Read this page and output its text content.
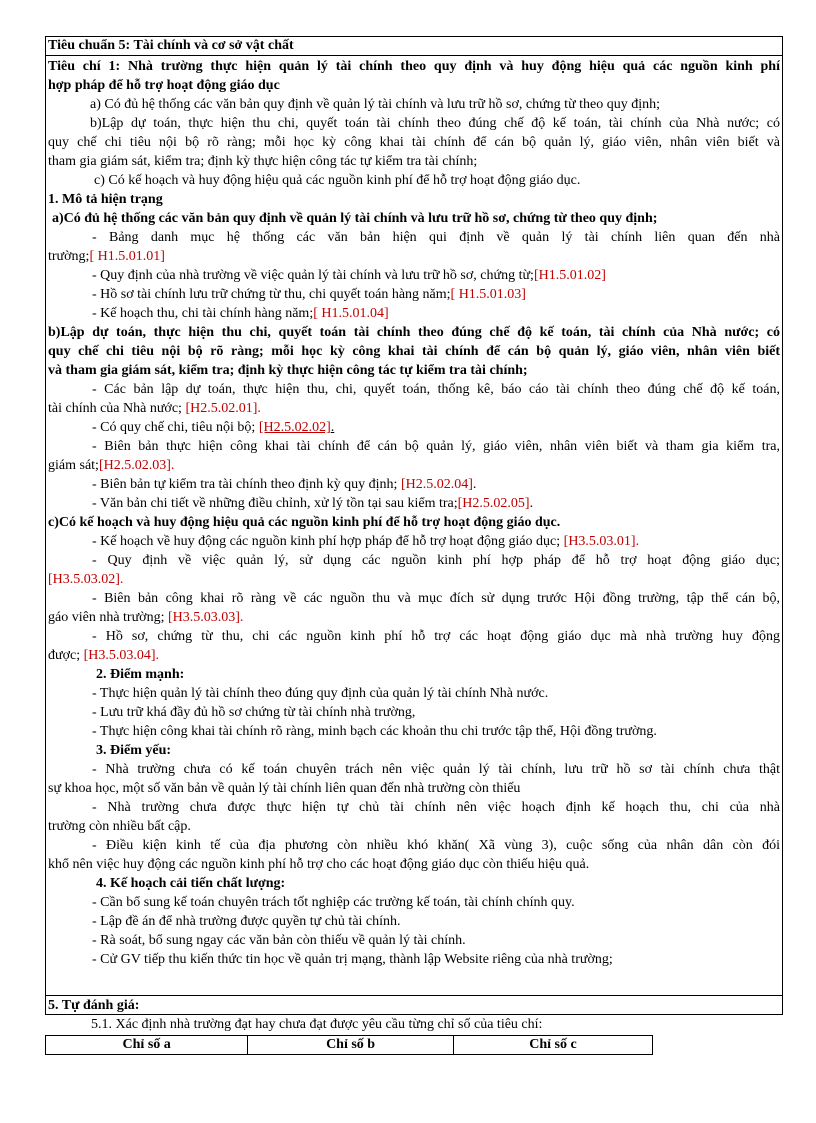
Tiêu chuẩn 5: Tài chính và cơ sở vật chất
Tiêu chí 1: Nhà trường thực hiện quản lý tài chính theo quy định và huy động hiệu quả các nguồn kinh phí
hợp pháp để hỗ trợ hoạt động giáo dục
a) Có đủ hệ thống các văn bản quy định về quản lý tài chính và lưu trữ hồ sơ, chứng từ theo quy định;
b)Lập dự toán, thực hiện thu chi, quyết toán tài chính theo đúng chế độ kế toán, tài chính của Nhà nước; có
quy chế chi tiêu nội bộ rõ ràng; mỗi học kỳ công khai tài chính để cán bộ quản lý, giáo viên, nhân viên biết và
tham gia giám sát, kiểm tra; định kỳ thực hiện công tác tự kiểm tra tài chính;
c) Có kế hoạch và huy động hiệu quả các nguồn kinh phí để hỗ trợ hoạt động giáo dục.
1. Mô tả hiện trạng
a)Có đủ hệ thống các văn bản quy định về quản lý tài chính và lưu trữ hồ sơ, chứng từ theo quy định;
- Bảng danh mục hệ thống các văn bản hiện qui định về quản lý tài chính liên quan đến nhà
trường;[ H1.5.01.01]
- Quy định của nhà trường về việc quản lý tài chính và lưu trữ hồ sơ, chứng từ;[H1.5.01.02]
- Hồ sơ tài chính lưu trữ chứng từ thu, chi quyết toán hàng năm;[ H1.5.01.03]
- Kế hoạch thu, chi tài chính hàng năm;[ H1.5.01.04]
b)Lập dự toán, thực hiện thu chi, quyết toán tài chính theo đúng chế độ kế toán, tài chính của Nhà nước; có
quy chế chi tiêu nội bộ rõ ràng; mỗi học kỳ công khai tài chính để cán bộ quản lý, giáo viên, nhân viên biết
và tham gia giám sát, kiểm tra; định kỳ thực hiện công tác tự kiểm tra tài chính;
- Các bản lập dự toán, thực hiện thu, chi, quyết toán, thống kê, báo cáo tài chính theo đúng chế độ kế toán,
tài chính của Nhà nước; [H2.5.02.01].
- Có quy chế chi, tiêu nội bộ; [H2.5.02.02].
- Biên bản thực hiện công khai tài chính để cán bộ quản lý, giáo viên, nhân viên biết và tham gia kiểm tra,
giám sát;[H2.5.02.03].
- Biên bản tự kiểm tra tài chính theo định kỳ quy định; [H2.5.02.04].
- Văn bản chi tiết về những điều chỉnh, xử lý tồn tại sau kiểm tra;[H2.5.02.05].
c)Có kế hoạch và huy động hiệu quả các nguồn kinh phí để hỗ trợ hoạt động giáo dục.
- Kế hoạch về huy động các nguồn kinh phí hợp pháp để hỗ trợ hoạt động giáo dục; [H3.5.03.01].
- Quy định về việc quản lý, sử dụng các nguồn kinh phí hợp pháp để hỗ trợ hoạt động giáo dục;
[H3.5.03.02].
- Biên bản công khai rõ ràng về các nguồn thu và mục đích sử dụng trước Hội đồng trường, tập thể cán bộ,
gáo viên nhà trường; [H3.5.03.03].
- Hồ sơ, chứng từ thu, chi các nguồn kinh phí hỗ trợ các hoạt động giáo dục mà nhà trường huy động
được; [H3.5.03.04].
2. Điểm mạnh:
- Thực hiện quản lý tài chính theo đúng quy định của quản lý tài chính Nhà nước.
- Lưu trữ khá đầy đủ hồ sơ chứng từ tài chính nhà trường,
- Thực hiện công khai tài chính rõ ràng, minh bạch các khoản thu chi trước tập thể, Hội đồng trường.
3. Điểm yếu:
- Nhà trường chưa có kế toán chuyên trách nên việc quản lý tài chính, lưu trữ hồ sơ tài chính chưa thật
sự khoa học, một số văn bản về quản lý tài chính liên quan đến nhà trường còn thiếu
- Nhà trường chưa được thực hiện tự chủ tài chính nên việc hoạch định kế hoạch thu, chi của nhà
trường còn nhiều bất cập.
- Điều kiện kinh tế của địa phương còn nhiều khó khăn( Xã vùng 3), cuộc sống của nhân dân còn đói
khổ nên việc huy động các nguồn kinh phí hỗ trợ cho các hoạt động giáo dục còn thiếu hiệu quả.
4. Kế hoạch cải tiến chất lượng:
- Cần bổ sung kế toán chuyên trách tốt nghiệp các trường kế toán, tài chính chính quy.
- Lập đề án để nhà trường được quyền tự chủ tài chính.
- Rà soát, bổ sung ngay các văn bản còn thiếu về quản lý tài chính.
- Cử GV tiếp thu kiến thức tin học về quản trị mạng, thành lập Website riêng của nhà trường;
5. Tự đánh giá:
5.1. Xác định nhà trường đạt hay chưa đạt được yêu cầu từng chỉ số của tiêu chí:
Chỉ số a	Chỉ số b	Chỉ số c
